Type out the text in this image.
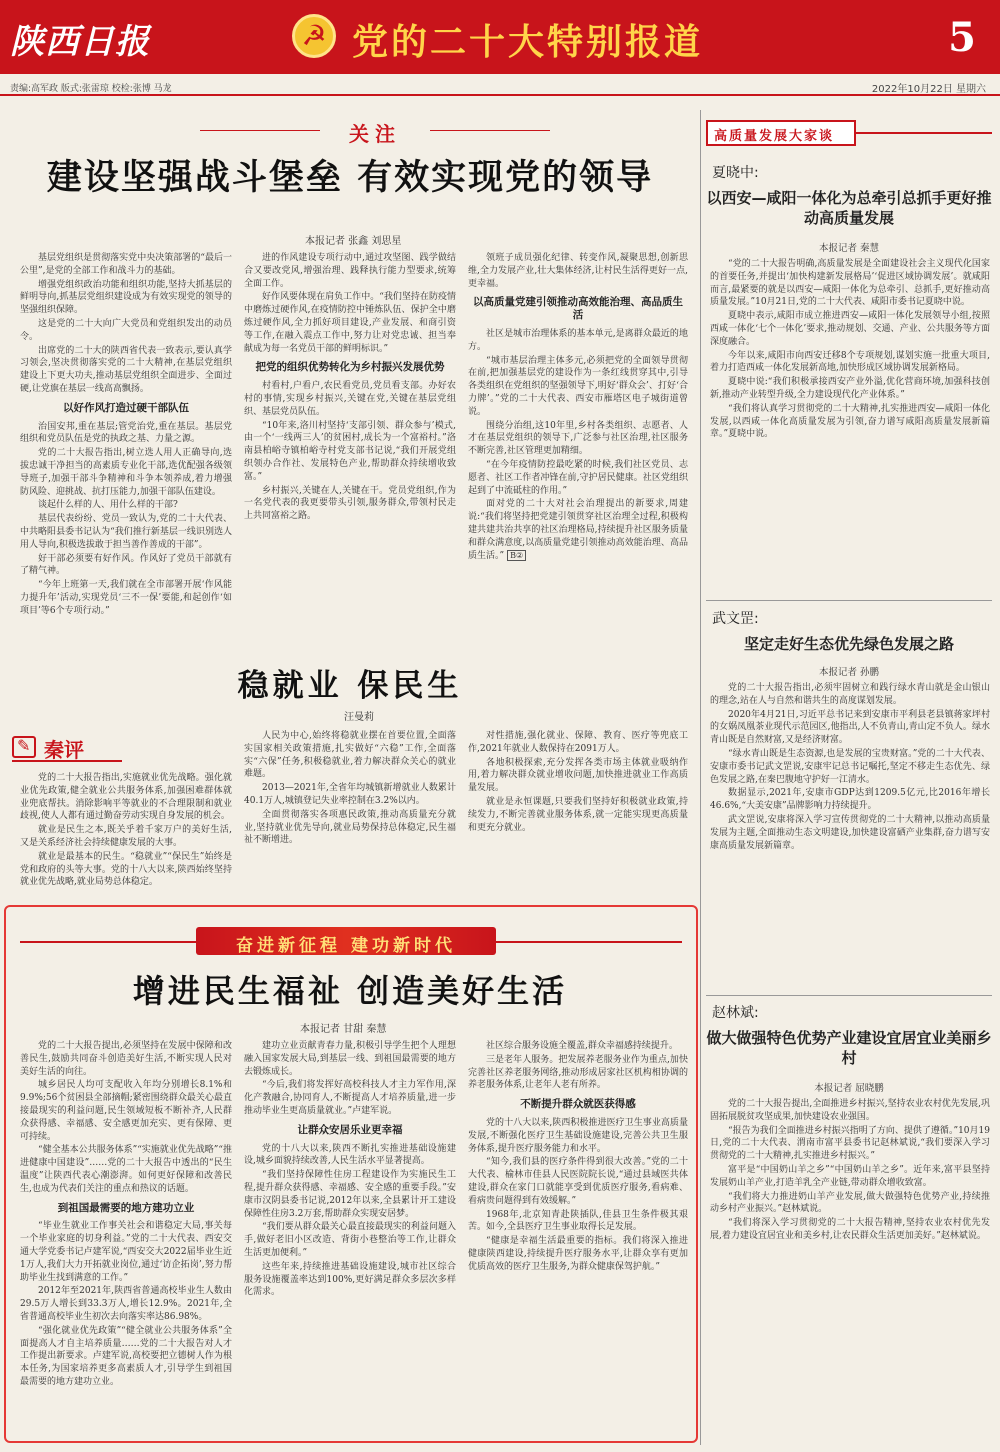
陕西日报
☭	党的二十大特别报道	5
责编:高军政 版式:张雷琼 校检:张博 马龙	2022年10月22日 星期六
关注
建设坚强战斗堡垒 有效实现党的领导
本报记者 张鑫 刘思星

基层党组织是贯彻落实党中央决策部署的“最后一公里”,是党的全部工作和战斗力的基础。

增强党组织政治功能和组织功能,坚持大抓基层的鲜明导向,抓基层党组织建设成为有效实现党的领导的坚强组织保障。

这是党的二十大向广大党员和党组织发出的动员令。

出席党的二十大的陕西省代表一致表示,要认真学习领会,坚决贯彻落实党的二十大精神,在基层党组织建设上下更大功夫,推动基层党组织全面进步、全面过硬,让党旗在基层一线高高飘扬。

以好作风打造过硬干部队伍

治国安邦,重在基层;管党治党,重在基层。基层党组织和党员队伍是党的执政之基、力量之源。

党的二十大报告指出,树立选人用人正确导向,选拔忠诚干净担当的高素质专业化干部,选优配强各级领导班子,加强干部斗争精神和斗争本领养成,着力增强防风险、迎挑战、抗打压能力,加强干部队伍建设。

谈起什么样的人、用什么样的干部?

基层代表纷纷、党员一致认为,党的二十大代表、中共略阳县委书记认为“我们推行新基层一线识别选人用人导向,积极选拔敢于担当善作善成的干部”。

好干部必须要有好作风。作风好了党员干部就有了精气神。

“今年上班第一天,我们就在全市部署开展‘作风能力提升年’活动,实现党员‘三不一保’要能,和起创作‘如项目’等6个专项行动。”

进的作风建设专项行动中,通过攻坚图、践学做结合又要改党风,增强治理、践释执行能力型要求,统筹全面工作。

好作风要体现在肩负工作中。“我们坚持在防疫情中磨炼过硬作风,在疫情防控中锤炼队伍、保护全中磨炼过硬作风,全力抓好项目建设,产业发展、和商引资等工作,在融入震点工作中,努力让对党忠诚、担当奉献成为每一名党员干部的鲜明标识。”

把党的组织优势转化为乡村振兴发展优势

村看村,户看户,农民看党员,党员看支部。办好农村的事情,实现乡村振兴,关键在党,关键在基层党组织、基层党员队伍。

“10年来,洛川村坚持‘支部引领、群众参与’模式,由一个‘一线两三人’的贫困村,成长为一个富裕村。”洛南县柏峪寺镇柏峪寺村党支部书记说,“我们开展党组织领办合作社、发展特色产业,帮助群众持续增收致富。”

乡村振兴,关键在人,关键在干。党员党组织,作为一名党代表的我更要带头引领,服务群众,带领村民走上共同富裕之路。

领班子成员强化纪律、转变作风,凝聚思想,创新思维,全力发展产业,壮大集体经济,让村民生活得更好一点,更幸福。

以高质量党建引领推动高效能治理、高品质生活

社区是城市治理体系的基本单元,是离群众最近的地方。

“城市基层治理主体多元,必须把党的全面领导贯彻在前,把加强基层党的建设作为一条红线贯穿其中,引导各类组织在党组织的坚强领导下,明好‘群众会’、打好‘合力牌’。”党的二十大代表、西安市雁塔区电子城街道曾说。

围绕分治组,这10年里,乡村各类组织、志愿者、人才在基层党组织的领导下,广泛参与社区治理,社区服务不断完善,社区管理更加精细。

“在今年疫情防控最吃紧的时候,我们社区党员、志愿者、社区工作者冲锋在前,守护居民健康。社区党组织起到了中流砥柱的作用。”

面对党的二十大对社会治理提出的新要求,周建说:“我们将坚持把党建引领贯穿社区治理全过程,积极构建共建共治共享的社区治理格局,持续提升社区服务质量和群众满意度,以高质量党建引领推动高效能治理、高品质生活。” B②

稳就业 保民生
汪曼莉
✎
秦评

党的二十大报告指出,实施就业优先战略。强化就业优先政策,健全就业公共服务体系,加强困难群体就业兜底帮扶。消除影响平等就业的不合理限制和就业歧视,使人人都有通过勤奋劳动实现自身发展的机会。

就业是民生之本,既关乎着千家万户的美好生活,又是关系经济社会持续健康发展的大事。

就业是最基本的民生。“稳就业”“保民生”始终是党和政府的头等大事。党的十八大以来,陕西始终坚持就业优先战略,就业局势总体稳定。

人民为中心,始终将稳就业摆在首要位置,全面落实国家相关政策措施,扎实做好“六稳”工作,全面落实“六保”任务,积极稳就业,着力解决群众关心的就业难题。

2013—2021年,全省年均城镇新增就业人数累计40.1万人,城镇登记失业率控制在3.2%以内。

全面贯彻落实各项惠民政策,推动高质量充分就业,坚持就业优先导向,就业局势保持总体稳定,民生福祉不断增进。

对性措施,强化就业、保障、教育、医疗等兜底工作,2021年就业人数保持在2091万人。

各地积极探索,充分发挥各类市场主体就业吸纳作用,着力解决群众就业增收问题,加快推进就业工作高质量发展。

就业是永恒课题,只要我们坚持好积极就业政策,持续发力,不断完善就业服务体系,就一定能实现更高质量和更充分就业。

奋进新征程 建功新时代
增进民生福祉 创造美好生活
本报记者 甘甜 秦慧

党的二十大报告提出,必须坚持在发展中保障和改善民生,鼓励共同奋斗创造美好生活,不断实现人民对美好生活的向往。

城乡居民人均可支配收入年均分别增长8.1%和9.9%;56个贫困县全部摘帽;紧密围绕群众最关心最直接最现实的利益问题,民生领域短板不断补齐,人民群众获得感、幸福感、安全感更加充实、更有保障、更可持续。

“健全基本公共服务体系”“实施就业优先战略”“推进健康中国建设”……党的二十大报告中透出的“民生温度”让陕西代表心潮澎湃。如何更好保障和改善民生,也成为代表们关注的重点和热议的话题。

到祖国最需要的地方建功立业

“毕业生就业工作事关社会和谐稳定大局,事关每一个毕业家庭的切身利益。”党的二十大代表、西安交通大学党委书记卢建军说,“西安交大2022届毕业生近1万人,我们大力开拓就业岗位,通过‘访企拓岗’,努力帮助毕业生找到满意的工作。”

2012年至2021年,陕西省普通高校毕业生人数由29.5万人增长到33.3万人,增长12.9%。2021年,全省普通高校毕业生初次去向落实率达86.98%。

“强化就业优先政策”“健全就业公共服务体系”全面提高人才自主培养质量……党的二十大报告对人才工作提出新要求。卢建军说,高校要把立德树人作为根本任务,为国家培养更多高素质人才,引导学生到祖国最需要的地方建功立业。

建功立业贡献青春力量,积极引导学生把个人理想融入国家发展大局,到基层一线、到祖国最需要的地方去锻炼成长。

“今后,我们将发挥好高校科技人才主力军作用,深化产教融合,协同育人,不断提高人才培养质量,进一步推动毕业生更高质量就业。”卢建军说。

让群众安居乐业更幸福

党的十八大以来,陕西不断扎实推进基础设施建设,城乡面貌持续改善,人民生活水平显著提高。

“我们坚持保障性住房工程建设作为实施民生工程,提升群众获得感、幸福感、安全感的重要手段。”安康市汉阴县委书记说,2012年以来,全县累计开工建设保障性住房3.2万套,帮助群众实现安居梦。

“我们要从群众最关心最直接最现实的利益问题入手,做好老旧小区改造、背街小巷整治等工作,让群众生活更加便利。”

这些年来,持续推进基础设施建设,城市社区综合服务设施覆盖率达到100%,更好满足群众多层次多样化需求。

社区综合服务设施全覆盖,群众幸福感持续提升。

三是老年人服务。把发展养老服务业作为重点,加快完善社区养老服务网络,推动形成居家社区机构相协调的养老服务体系,让老年人老有所养。

不断提升群众就医获得感

党的十八大以来,陕西积极推进医疗卫生事业高质量发展,不断强化医疗卫生基础设施建设,完善公共卫生服务体系,提升医疗服务能力和水平。

“知今,我们县的医疗条件得到很大改善。”党的二十大代表、榆林市佳县人民医院院长说,“通过县域医共体建设,群众在家门口就能享受到优质医疗服务,看病难、看病贵问题得到有效缓解。”

1968年,北京知青赴陕插队,佳县卫生条件极其艰苦。如今,全县医疗卫生事业取得长足发展。

“健康是幸福生活最重要的指标。我们将深入推进健康陕西建设,持续提升医疗服务水平,让群众享有更加优质高效的医疗卫生服务,为群众健康保驾护航。”

高质量发展大家谈
夏晓中:
以西安—咸阳一体化为总牵引总抓手更好推动高质量发展
本报记者 秦慧

“党的二十大报告明确,高质量发展是全面建设社会主义现代化国家的首要任务,并提出‘加快构建新发展格局’‘促进区域协调发展’。就咸阳而言,最紧要的就是以西安—咸阳一体化为总牵引、总抓手,更好推动高质量发展。”10月21日,党的二十大代表、咸阳市委书记夏晓中说。

夏晓中表示,咸阳市成立推进西安—咸阳一体化发展领导小组,按照西咸一体化‘七个一体化’要求,推动规划、交通、产业、公共服务等方面深度融合。

今年以来,咸阳市向西安迁移8个专项规划,谋划实施一批重大项目,着力打造西咸一体化发展新高地,加快形成区域协调发展新格局。

夏晓中说:“我们积极承接西安产业外溢,优化营商环境,加强科技创新,推动产业转型升级,全力建设现代化产业体系。”

“我们将认真学习贯彻党的二十大精神,扎实推进西安—咸阳一体化发展,以西咸一体化高质量发展为引领,奋力谱写咸阳高质量发展新篇章。”夏晓中说。

武文罡:
坚定走好生态优先绿色发展之路
本报记者 孙鹏

党的二十大报告指出,必须牢固树立和践行绿水青山就是金山银山的理念,站在人与自然和谐共生的高度谋划发展。

2020年4月21日,习近平总书记来到安康市平利县老县镇蒋家坪村的女娲凤凰茶业现代示范园区,他指出,人不负青山,青山定不负人。绿水青山既是自然财富,又是经济财富。

“绿水青山既是生态资源,也是发展的宝贵财富。”党的二十大代表、安康市委书记武文罡说,安康牢记总书记嘱托,坚定不移走生态优先、绿色发展之路,在秦巴腹地守护好一江清水。

数据显示,2021年,安康市GDP达到1209.5亿元,比2016年增长46.6%,“大美安康”品牌影响力持续提升。

武文罡说,安康将深入学习宣传贯彻党的二十大精神,以推动高质量发展为主题,全面推动生态文明建设,加快建设富硒产业集群,奋力谱写安康高质量发展新篇章。

赵林斌:
做大做强特色优势产业建设宜居宜业美丽乡村
本报记者 屈晓鹏

党的二十大报告提出,全面推进乡村振兴,坚持农业农村优先发展,巩固拓展脱贫攻坚成果,加快建设农业强国。

“报告为我们全面推进乡村振兴指明了方向、提供了遵循。”10月19日,党的二十大代表、渭南市富平县委书记赵林斌说,“我们要深入学习贯彻党的二十大精神,扎实推进乡村振兴。”

富平是“中国奶山羊之乡”“中国奶山羊之乡”。近年来,富平县坚持发展奶山羊产业,打造羊乳全产业链,带动群众增收致富。

“我们将大力推进奶山羊产业发展,做大做强特色优势产业,持续推动乡村产业振兴。”赵林斌说。

“我们将深入学习贯彻党的二十大报告精神,坚持农业农村优先发展,着力建设宜居宜业和美乡村,让农民群众生活更加美好。”赵林斌说。
